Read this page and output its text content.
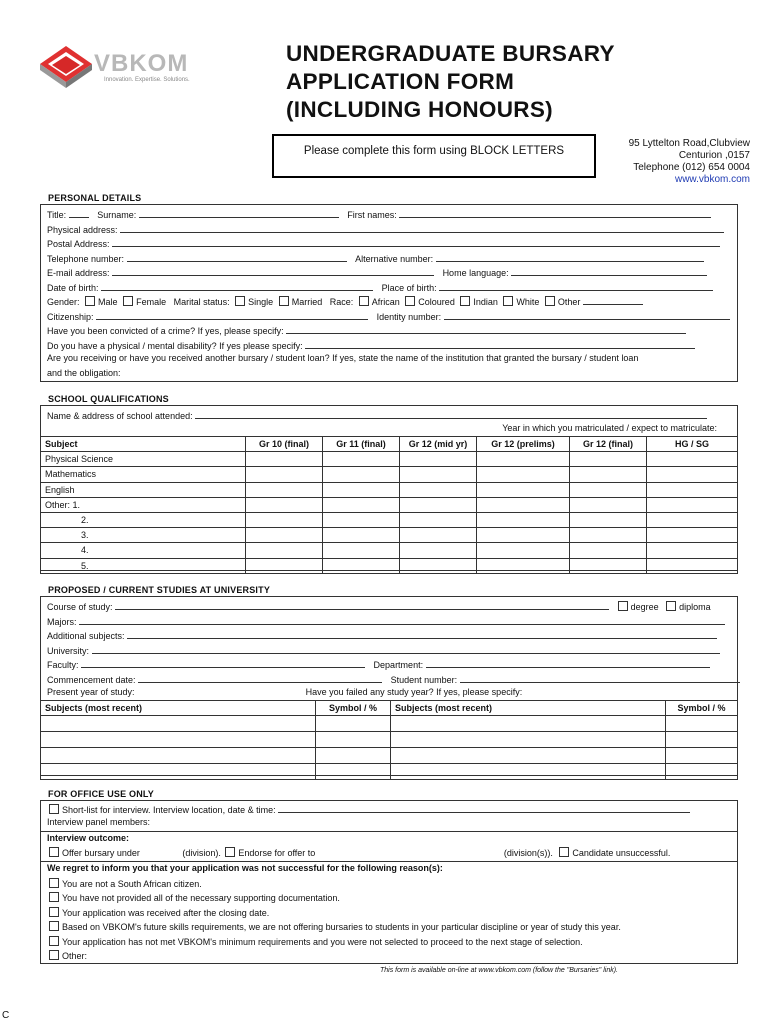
VBKOM
Innovation. Expertise. Solutions.
UNDERGRADUATE BURSARY
APPLICATION FORM
(INCLUDING HONOURS)
Please complete this form using BLOCK LETTERS
95 Lyttelton Road,Clubview
Centurion ,0157
Telephone (012) 654 0004
www.vbkom.com
PERSONAL DETAILS
Title:	Surname:	First names:
Physical address:
Postal Address:
Telephone number:	Alternative number:
E-mail address:	Home language:
Date of birth:	Place of birth:
Gender: Male Female Marital status: Single Married Race: African Coloured Indian White Other
Citizenship:	Identity number:
Have you been convicted of a crime? If yes, please specify:
Do you have a physical / mental disability? If yes please specify:
Are you receiving or have you received another bursary / student loan? If yes, state the name of the institution that granted the bursary / student loan
and the obligation:
SCHOOL QUALIFICATIONS
Name & address of school attended:
Year in which you matriculated / expect to matriculate:
Subject	Gr 10 (final)	Gr 11 (final)	Gr 12 (mid yr)	Gr 12 (prelims)	Gr 12 (final)	HG / SG
Physical Science						
Mathematics						
English						
Other: 1.						
2.						
3.						
4.						
5.						
PROPOSED / CURRENT STUDIES AT UNIVERSITY
Course of study:	degree diploma
Majors:
Additional subjects:
University:
Faculty:	Department:
Commencement date:	Student number:
Present year of study:	Have you failed any study year? If yes, please specify:
Subjects (most recent)	Symbol / %	Subjects (most recent)	Symbol / %

FOR OFFICE USE ONLY
Short-list for interview. Interview location, date & time:
Interview panel members:
Interview outcome:
Offer bursary under	(division). Endorse for offer to	(division(s)). Candidate unsuccessful.
We regret to inform you that your application was not successful for the following reason(s):
You are not a South African citizen.
You have not provided all of the necessary supporting documentation.
Your application was received after the closing date.
Based on VBKOM's future skills requirements, we are not offering bursaries to students in your particular discipline or year of study this year.
Your application has not met VBKOM's minimum requirements and you were not selected to proceed to the next stage of selection.
Other:
This form is available on-line at www.vbkom.com (follow the "Bursaries" link).
C
